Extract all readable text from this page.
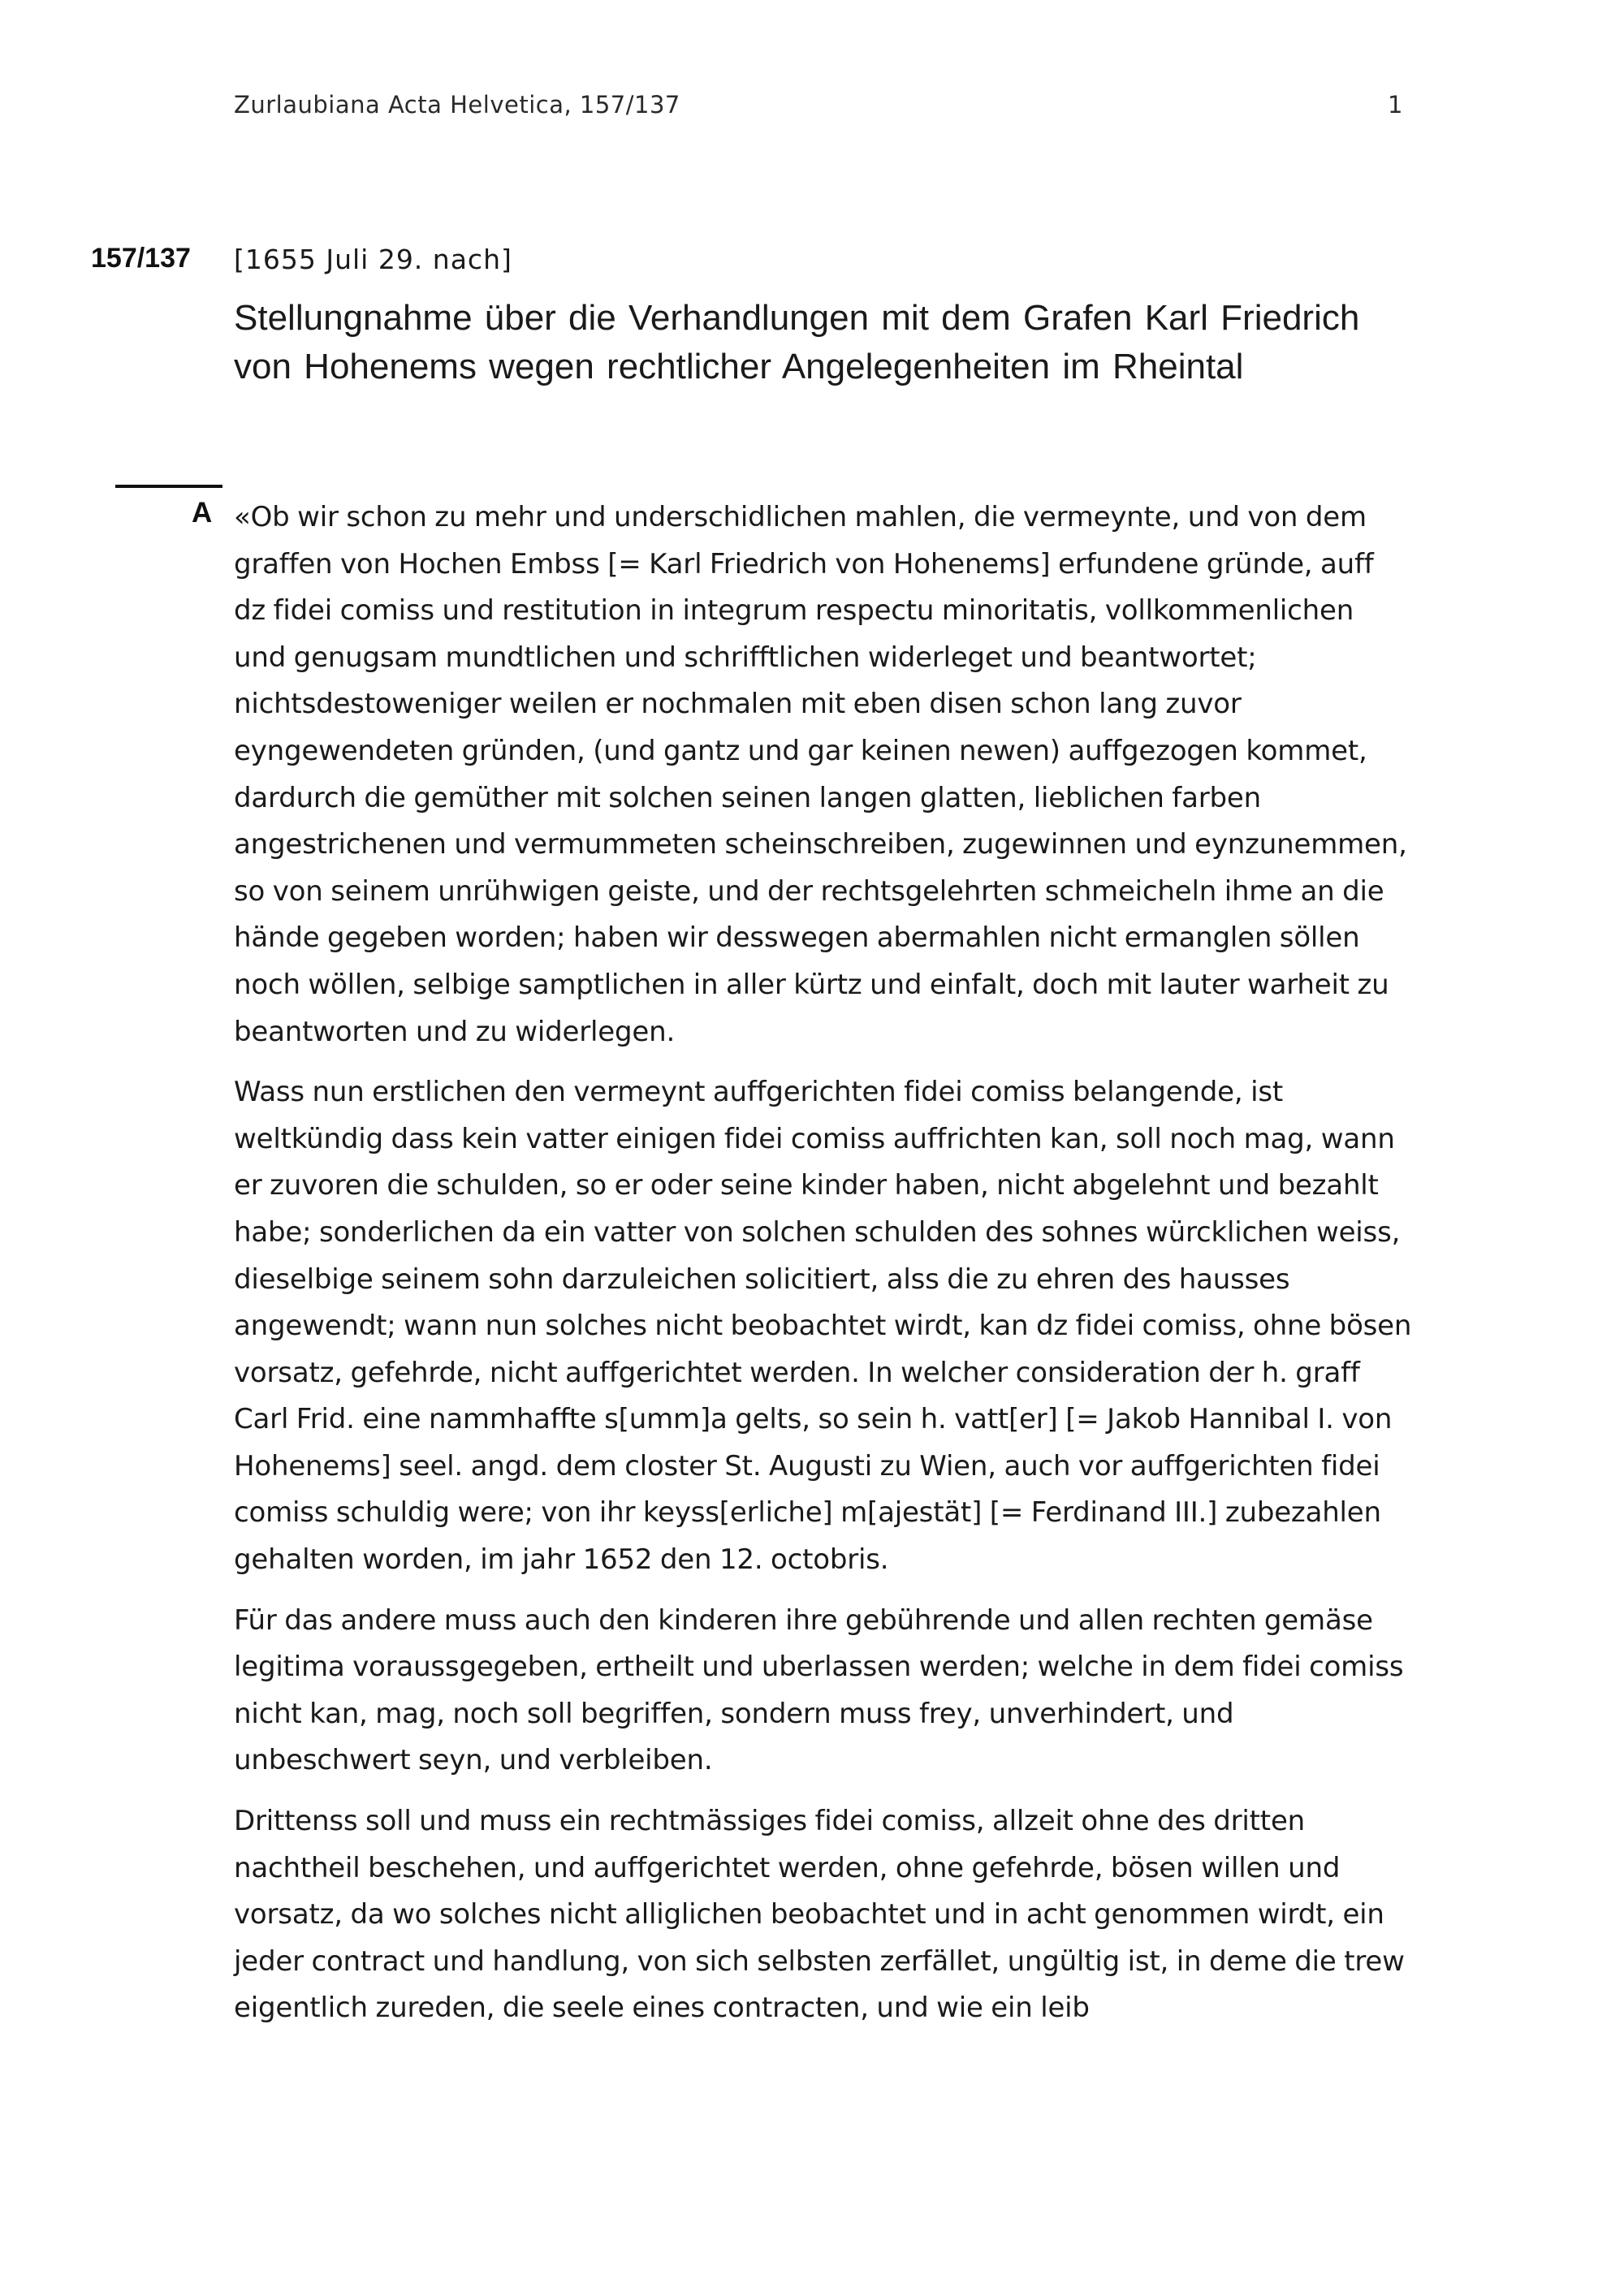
Zurlaubiana Acta Helvetica, 157/137	1
157/137 [1655 Juli 29. nach]
Stellungnahme über die Verhandlungen mit dem Grafen Karl Friedrich von Hohenems wegen rechtlicher Angelegenheiten im Rheintal
A «Ob wir schon zu mehr und underschidlichen mahlen, die vermeynte, und von dem graffen von Hochen Embss [= Karl Friedrich von Hohenems] erfundene gründe, auff dz fidei comiss und restitution in integrum respectu minoritatis, vollkommenlichen und genugsam mundtlichen und schrifftlichen widerleget und beantwortet; nichtsdestoweniger weilen er nochmalen mit eben disen schon lang zuvor eyngewendeten gründen, (und gantz und gar keinen newen) auffgezogen kommet, dardurch die gemüther mit solchen seinen langen glatten, lieblichen farben angestrichenen und vermummeten scheinschreiben, zugewinnen und eynzunemmen, so von seinem unrühwigen geiste, und der rechtsgelehrten schmeicheln ihme an die hände gegeben worden; haben wir desswegen abermahlen nicht ermanglen söllen noch wöllen, selbige samptlichen in aller kürtz und einfalt, doch mit lauter warheit zu beantworten und zu widerlegen.

Wass nun erstlichen den vermeynt auffgerichten fidei comiss belangende, ist weltkündig dass kein vatter einigen fidei comiss auffrichten kan, soll noch mag, wann er zuvoren die schulden, so er oder seine kinder haben, nicht abgelehnt und bezahlt habe; sonderlichen da ein vatter von solchen schulden des sohnes würcklichen weiss, dieselbige seinem sohn darzuleichen solicitiert, alss die zu ehren des hausses angewendt; wann nun solches nicht beobachtet wirdt, kan dz fidei comiss, ohne bösen vorsatz, gefehrde, nicht auffgerichtet werden. In welcher consideration der h. graff Carl Frid. eine nammhaffte s[umm]a gelts, so sein h. vatt[er] [= Jakob Hannibal I. von Hohenems] seel. angd. dem closter St. Augusti zu Wien, auch vor auffgerichten fidei comiss schuldig were; von ihr keyss[erliche] m[ajestät] [= Ferdinand III.] zubezahlen gehalten worden, im jahr 1652 den 12. octobris.

Für das andere muss auch den kinderen ihre gebührende und allen rechten gemäse legitima voraussgegeben, ertheilt und uberlassen werden; welche in dem fidei comiss nicht kan, mag, noch soll begriffen, sondern muss frey, unverhindert, und unbeschwert seyn, und verbleiben.

Drittenss soll und muss ein rechtmässiges fidei comiss, allzeit ohne des dritten nachtheil beschehen, und auffgerichtet werden, ohne gefehrde, bösen willen und vorsatz, da wo solches nicht alliglichen beobachtet und in acht genommen wirdt, ein jeder contract und handlung, von sich selbsten zerfället, ungültig ist, in deme die trew eigentlich zureden, die seele eines contracten, und wie ein leib
